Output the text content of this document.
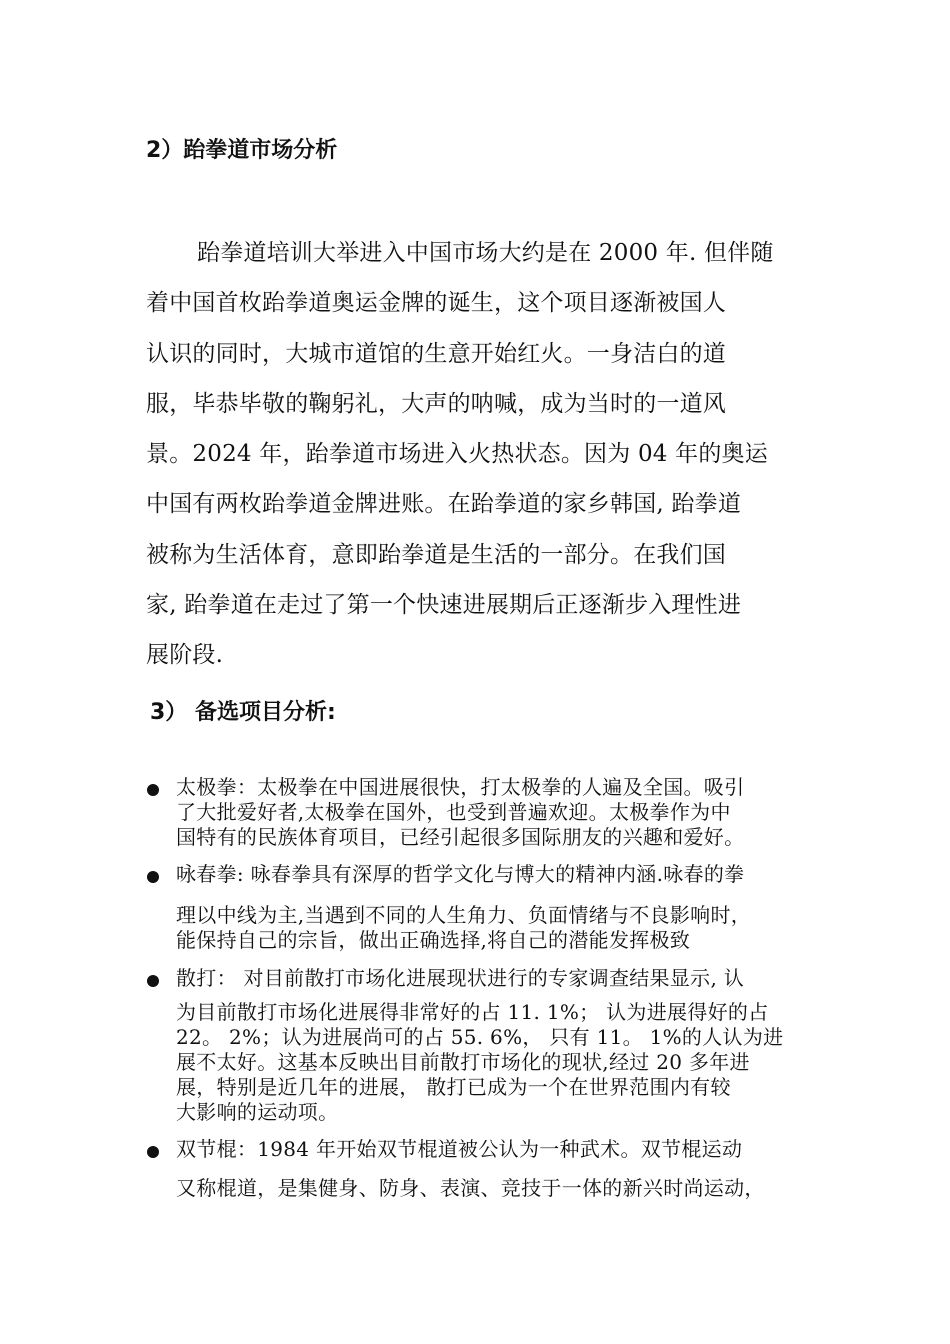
2）跆拳道市场分析

跆拳道培训大举进入中国市场大约是在 2000 年. 但伴随
着中国首枚跆拳道奥运金牌的诞生，这个项目逐渐被国人
认识的同时，大城市道馆的生意开始红火。一身洁白的道
服，毕恭毕敬的鞠躬礼，大声的呐喊，成为当时的一道风
景。2024 年，跆拳道市场进入火热状态。因为 04 年的奥运
中国有两枚跆拳道金牌进账。在跆拳道的家乡韩国, 跆拳道
被称为生活体育，意即跆拳道是生活的一部分。在我们国
家, 跆拳道在走过了第一个快速进展期后正逐渐步入理性进
展阶段.

3） 备选项目分析:
太极拳：太极拳在中国进展很快，打太极拳的人遍及全国。吸引
了大批爱好者,太极拳在国外，也受到普遍欢迎。太极拳作为中
国特有的民族体育项目，已经引起很多国际朋友的兴趣和爱好。
咏春拳: 咏春拳具有深厚的哲学文化与博大的精神内涵.咏春的拳
理以中线为主,当遇到不同的人生角力、负面情绪与不良影响时，
能保持自己的宗旨，做出正确选择,将自己的潜能发挥极致
散打： 对目前散打市场化进展现状进行的专家调查结果显示, 认
为目前散打市场化进展得非常好的占 11. 1%； 认为进展得好的占
22。 2%；认为进展尚可的占 55. 6%， 只有 11。 1%的人认为进
展不太好。这基本反映出目前散打市场化的现状,经过 20 多年进
展，特别是近几年的进展， 散打已成为一个在世界范围内有较
大影响的运动项。
双节棍：1984 年开始双节棍道被公认为一种武术。双节棍运动
又称棍道，是集健身、防身、表演、竞技于一体的新兴时尚运动，
